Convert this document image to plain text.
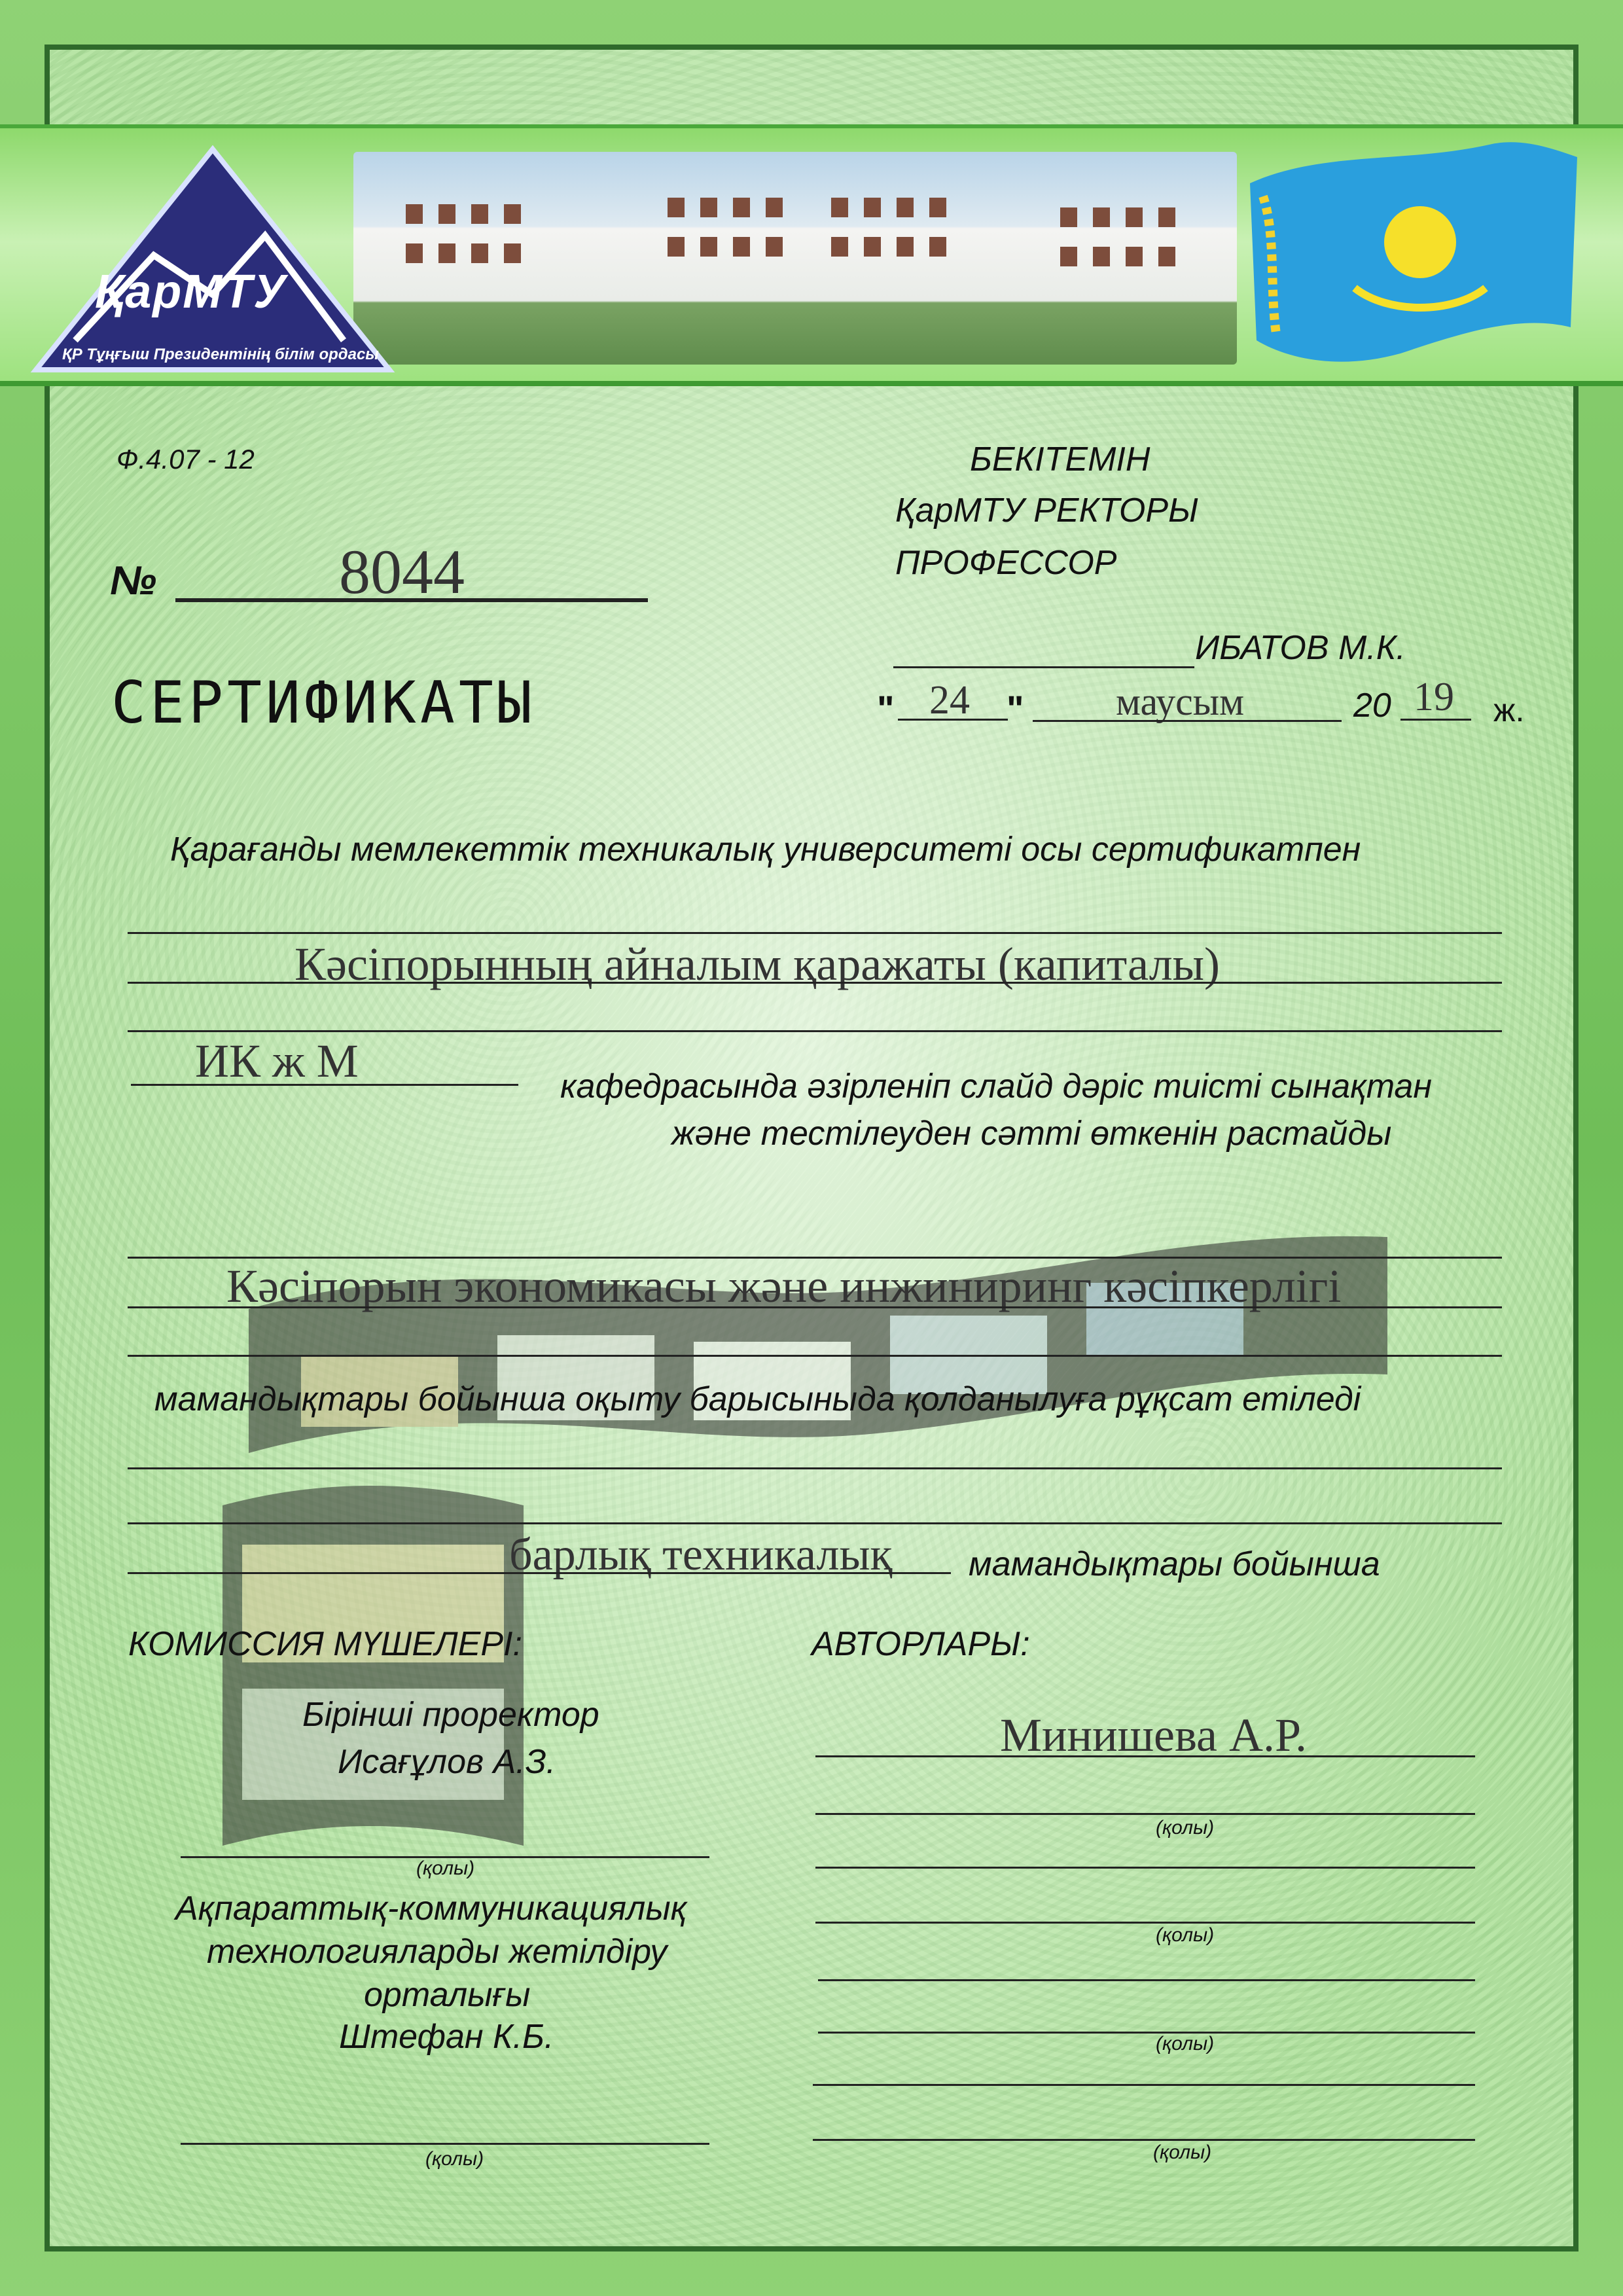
ҚарМТУ
ҚР Тұңғыш Президентінің білім ордасы
Ф.4.07 - 12	БЕКІТЕМІН
ҚарМТУ РЕКТОРЫ
ПРОФЕССОР
ИБАТОВ М.К.
" 24 " маусым	20 19 ж.
№	8044
СЕРТИФИКАТЫ
Қарағанды мемлекеттік техникалық университеті осы сертификатпен
Кәсіпорынның айналым қаражаты (капиталы)
ИК ж М	кафедрасында әзірленіп слайд дәріс тиісті сынақтан
және тестілеуден сәтті өткенін растайды
Кәсіпорын экономикасы және инжиниринг кәсіпкерлігі
мамандықтары бойынша оқыту барысыныда қолданылуға рұқсат етіледі
барлық техникалық мамандықтары бойынша
КОМИССИЯ МҮШЕЛЕРІ:
Бірінші проректор
Исағұлов А.З.
(қолы)
Ақпараттық-коммуникациялық
технологияларды жетілдіру
орталығы
Штефан К.Б.
(қолы)
АВТОРЛАРЫ:
Минишева А.Р.
(қолы)
(қолы)
(қолы)
(қолы)
